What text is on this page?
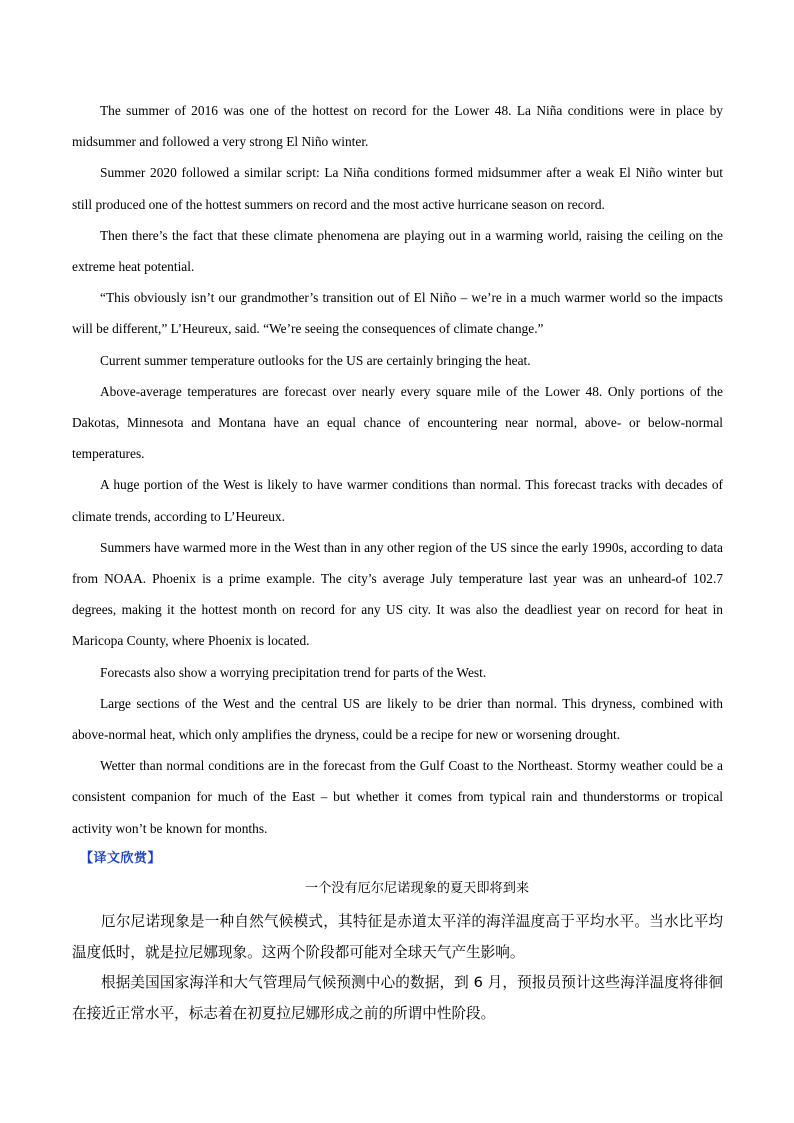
The summer of 2016 was one of the hottest on record for the Lower 48. La Niña conditions were in place by midsummer and followed a very strong El Niño winter.

Summer 2020 followed a similar script: La Niña conditions formed midsummer after a weak El Niño winter but still produced one of the hottest summers on record and the most active hurricane season on record.

Then there’s the fact that these climate phenomena are playing out in a warming world, raising the ceiling on the extreme heat potential.

“This obviously isn’t our grandmother’s transition out of El Niño – we’re in a much warmer world so the impacts will be different,” L’Heureux, said. “We’re seeing the consequences of climate change.”

Current summer temperature outlooks for the US are certainly bringing the heat.

Above-average temperatures are forecast over nearly every square mile of the Lower 48. Only portions of the Dakotas, Minnesota and Montana have an equal chance of encountering near normal, above- or below-normal temperatures.

A huge portion of the West is likely to have warmer conditions than normal. This forecast tracks with decades of climate trends, according to L’Heureux.

Summers have warmed more in the West than in any other region of the US since the early 1990s, according to data from NOAA. Phoenix is a prime example. The city’s average July temperature last year was an unheard-of 102.7 degrees, making it the hottest month on record for any US city. It was also the deadliest year on record for heat in Maricopa County, where Phoenix is located.

Forecasts also show a worrying precipitation trend for parts of the West.

Large sections of the West and the central US are likely to be drier than normal. This dryness, combined with above-normal heat, which only amplifies the dryness, could be a recipe for new or worsening drought.

Wetter than normal conditions are in the forecast from the Gulf Coast to the Northeast. Stormy weather could be a consistent companion for much of the East – but whether it comes from typical rain and thunderstorms or tropical activity won’t be known for months.

【译文欣赏】
一个没有厄尔尼诺现象的夏天即将到来

厄尔尼诺现象是一种自然气候模式，其特征是赤道太平洋的海洋温度高于平均水平。当水比平均温度低时，就是拉尼娜现象。这两个阶段都可能对全球天气产生影响。

根据美国国家海洋和大气管理局气候预测中心的数据，到 6 月，预报员预计这些海洋温度将徘徊在接近正常水平，标志着在初夏拉尼娜形成之前的所谓中性阶段。
